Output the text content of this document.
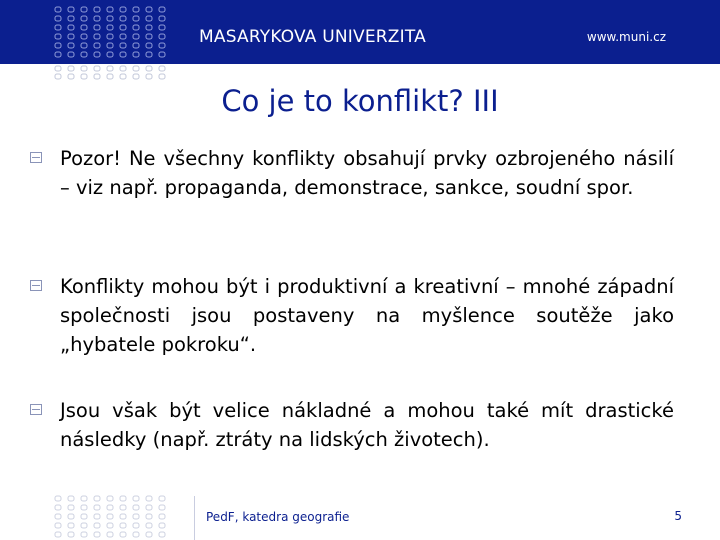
MASARYKOVA UNIVERZITA	www.muni.cz
Co je to konflikt? III
Pozor! Ne všechny konflikty obsahují prvky ozbrojeného násilí – viz např. propaganda, demonstrace, sankce, soudní spor.
Konflikty mohou být i produktivní a kreativní – mnohé západní společnosti jsou postaveny na myšlence soutěže jako „hybatele pokroku“.
Jsou však být velice nákladné a mohou také mít drastické následky (např. ztráty na lidských životech).
PedF, katedra geografie	5
